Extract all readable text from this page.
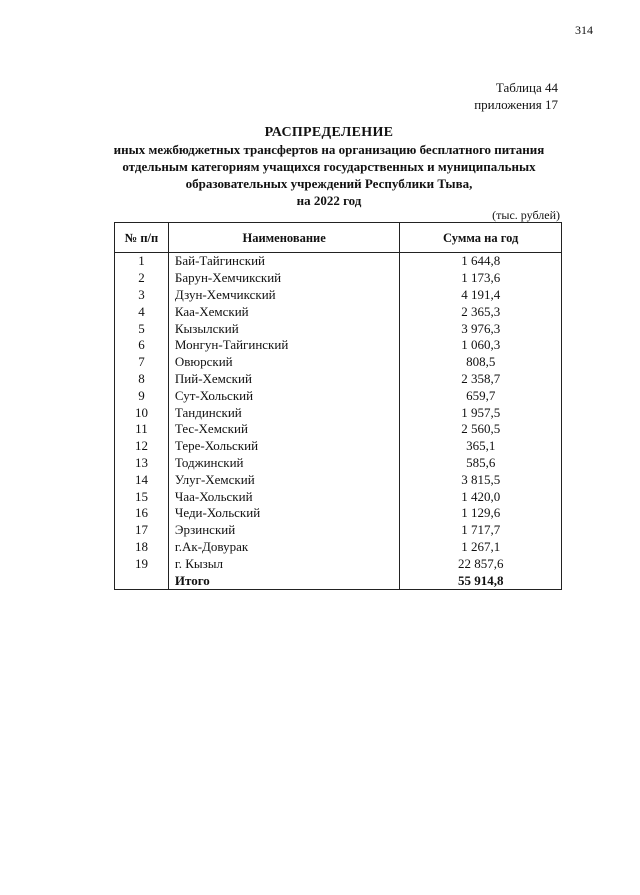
314
Таблица 44
приложения 17
РАСПРЕДЕЛЕНИЕ
иных межбюджетных трансфертов на организацию бесплатного питания
отдельным категориям учащихся государственных и муниципальных
образовательных учреждений Республики Тыва,
на 2022 год
(тыс. рублей)
№ п/п	Наименование	Сумма на год
1	Бай-Тайгинский	1 644,8
2	Барун-Хемчикский	1 173,6
3	Дзун-Хемчикский	4 191,4
4	Каа-Хемский	2 365,3
5	Кызылский	3 976,3
6	Монгун-Тайгинский	1 060,3
7	Овюрский	808,5
8	Пий-Хемский	2 358,7
9	Сут-Хольский	659,7
10	Тандинский	1 957,5
11	Тес-Хемский	2 560,5
12	Тере-Хольский	365,1
13	Тоджинский	585,6
14	Улуг-Хемский	3 815,5
15	Чаа-Хольский	1 420,0
16	Чеди-Хольский	1 129,6
17	Эрзинский	1 717,7
18	г.Ак-Довурак	1 267,1
19	г. Кызыл	22 857,6
	Итого	55 914,8
